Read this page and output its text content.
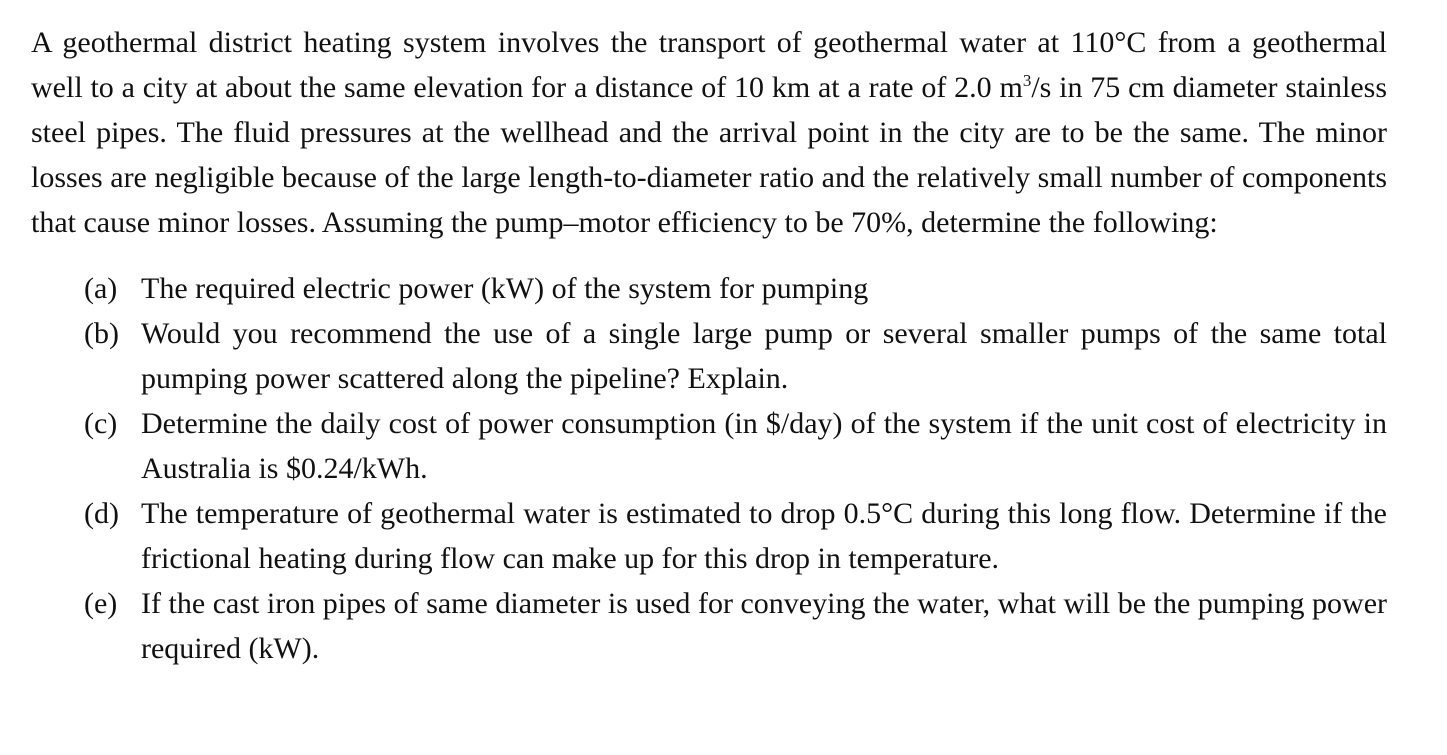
A geothermal district heating system involves the transport of geothermal water at 110°C from a geothermal well to a city at about the same elevation for a distance of 10 km at a rate of 2.0 $m^3/s$ in 75 cm diameter stainless steel pipes. The fluid pressures at the wellhead and the arrival point in the city are to be the same. The minor losses are negligible because of the large length-to-diameter ratio and the relatively small number of components that cause minor losses. Assuming the pump–motor efficiency to be 70%, determine the following:

(a) The required electric power (kW) of the system for pumping
(b) Would you recommend the use of a single large pump or several smaller pumps of the same total pumping power scattered along the pipeline? Explain.
(c) Determine the daily cost of power consumption (in $/day) of the system if the unit cost of electricity in Australia is $0.24/kWh.
(d) The temperature of geothermal water is estimated to drop 0.5°C during this long flow. Determine if the frictional heating during flow can make up for this drop in temperature.
(e) If the cast iron pipes of same diameter is used for conveying the water, what will be the pumping power required (kW).
